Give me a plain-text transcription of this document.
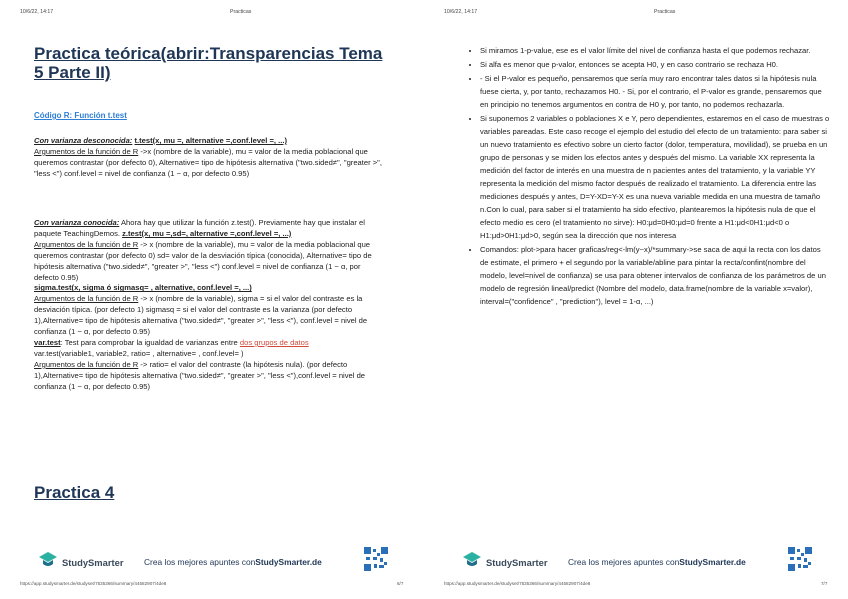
10/6/22, 14:17	Practicas
Practica teórica(abrir:Transparencias Tema 5 Parte II)
Código R: Función t.test
Con varianza desconocida: t.test(x, mu =, alternative =,conf.level =, ...)
Argumentos de la función de R ->x (nombre de la variable), mu = valor de la media poblacional que queremos contrastar (por defecto 0), Alternative= tipo de hipótesis alternativa ("two.sided≠", "greater >", "less <") conf.level = nivel de confianza (1 − α, por defecto 0.95)
Con varianza conocida: Ahora hay que utilizar la función z.test(). Previamente hay que instalar el paquete TeachingDemos. z.test(x, mu =,sd=, alternative =,conf.level =, ...)
Argumentos de la función de R -> x (nombre de la variable), mu = valor de la media poblacional que queremos contrastar (por defecto 0) sd= valor de la desviación típica (conocida), Alternative= tipo de hipótesis alternativa ("two.sided≠", "greater >", "less <") conf.level = nivel de confianza (1 − α, por defecto 0.95)
sigma.test(x, sigma ó sigmasq= , alternative, conf.level =, ...)
Argumentos de la función de R -> x (nombre de la variable), sigma = si el valor del contraste es la desviación típica. (por defecto 1) sigmasq = si el valor del contraste es la varianza (por defecto 1),Alternative= tipo de hipótesis alternativa ("two.sided≠", "greater >", "less <"), conf.level = nivel de confianza (1 − α, por defecto 0.95)
var.test: Test para comprobar la igualdad de varianzas entre dos grupos de datos
var.test(variable1, variable2, ratio= , alternative= , conf.level= )
Argumentos de la función de R -> ratio= el valor del contraste (la hipótesis nula). (por defecto 1),Alternative= tipo de hipótesis alternativa ("two.sided≠", "greater >", "less <"),conf.level = nivel de confianza (1 − α, por defecto 0.95)
Practica 4
StudySmarter Crea los mejores apuntes conStudySmarter.de
https://app.studysmarter.de/studyset/7535366/summary/44582907/4de8	6/7
10/6/22, 14:17	Practicas
StudySmarter Crea los mejores apuntes conStudySmarter.de
https://app.studysmarter.de/studyset/7535366/summary/44582907/4de8	7/7
• Si miramos 1-p-value, ese es el valor límite del nivel de confianza hasta el que podemos rechazar.
• Si alfa es menor que p-valor, entonces se acepta H0, y en caso contrario se rechaza H0.
• - Si el P-valor es pequeño, pensaremos que sería muy raro encontrar tales datos si la hipótesis nula fuese cierta, y, por tanto, rechazamos H0. - Si, por el contrario, el P-valor es grande, pensaremos que en principio no tenemos argumentos en contra de H0 y, por tanto, no podemos rechazarla.
• Si suponemos 2 variables o poblaciones X e Y, pero dependientes, estaremos en el caso de muestras o variables pareadas. Este caso recoge el ejemplo del estudio del efecto de un tratamiento: para saber si un nuevo tratamiento es efectivo sobre un cierto factor (dolor, temperatura, movilidad), se prueba en un grupo de personas y se miden los efectos antes y después del mismo. La variable XX representa la medición del factor de interés en una muestra de n pacientes antes del tratamiento, y la variable YY representa la medición del mismo factor después de realizado el tratamiento. La diferencia entre las mediciones después y antes, D=Y-XD=Y-X es una nueva variable medida en una muestra de tamaño n.Con lo cual, para saber si el tratamiento ha sido efectivo, plantearemos la hipótesis nula de que el efecto medio es cero (el tratamiento no sirve): H0:μd=0H0:μd=0 frente a H1:μd<0H1:μd<0 o H1:μd>0H1:μd>0, según sea la dirección que nos interesa
• Comandos: plot->para hacer graficas/reg<-lm(y~x)/*summary->se saca de aqui la recta con los datos de estimate, el primero + el segundo por la variable/abline para pintar la recta/confint(nombre del modelo, level=nivel de confianza) se usa para obtener intervalos de confianza de los parámetros de un modelo de regresión lineal/predict (Nombre del modelo, data.frame(nombre de la variable x=valor), interval=("confidence" , "prediction"), level = 1-α, ...)
